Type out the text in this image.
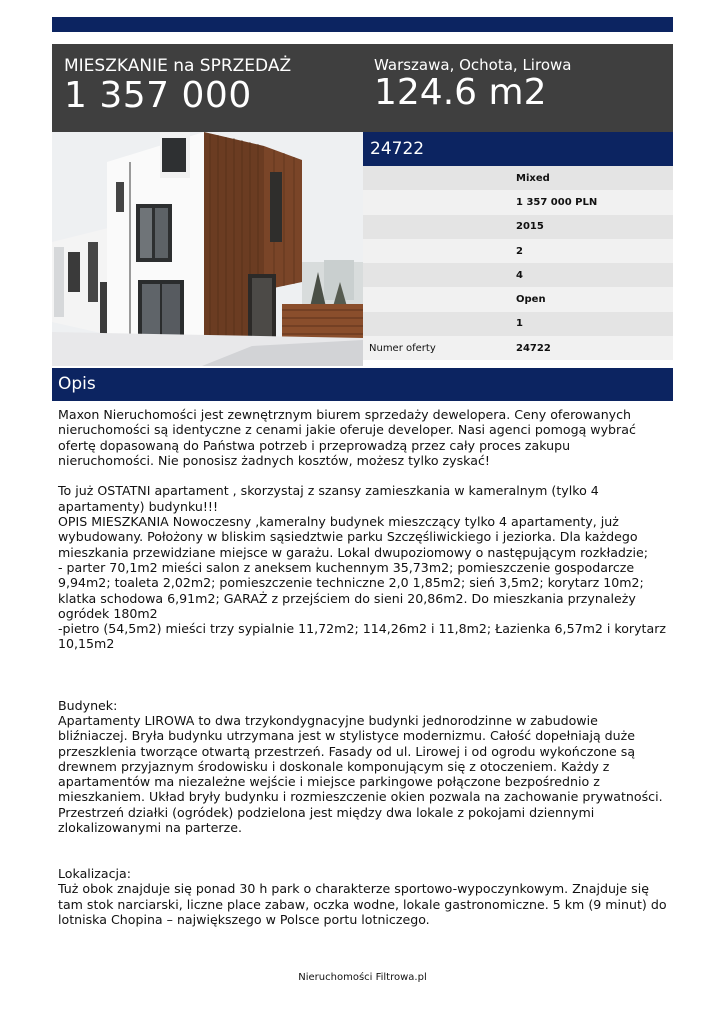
MIESZKANIE na SPRZEDAŻ
1 357 000
Warszawa, Ochota, Lirowa
124.6 m2
24722
Mixed
1 357 000 PLN
2015
2
4
Open
1
Numer oferty	24722
Opis
Maxon Nieruchomości jest zewnętrznym biurem sprzedaży dewelopera. Ceny oferowanych nieruchomości są identyczne z cenami jakie oferuje developer. Nasi agenci pomogą wybrać ofertę dopasowaną do Państwa potrzeb i przeprowadzą przez cały proces zakupu nieruchomości. Nie ponosisz żadnych kosztów, możesz tylko zyskać!

To już OSTATNI apartament , skorzystaj z szansy zamieszkania w kameralnym (tylko 4 apartamenty) budynku!!!
OPIS MIESZKANIA Nowoczesny ,kameralny budynek mieszczący tylko 4 apartamenty, już wybudowany. Położony w bliskim sąsiedztwie parku Szczęśliwickiego i jeziorka. Dla każdego mieszkania przewidziane miejsce w garażu. Lokal dwupoziomowy o następującym rozkładzie;
- parter 70,1m2 mieści salon z aneksem kuchennym 35,73m2; pomieszczenie gospodarcze 9,94m2; toaleta 2,02m2; pomieszczenie techniczne 2,0 1,85m2; sień 3,5m2; korytarz 10m2; klatka schodowa 6,91m2; GARAŻ z przejściem do sieni 20,86m2. Do mieszkania przynależy ogródek 180m2
-pietro (54,5m2) mieści trzy sypialnie 11,72m2; 114,26m2 i 11,8m2; Łazienka 6,57m2 i korytarz 10,15m2

Budynek:
Apartamenty LIROWA to dwa trzykondygnacyjne budynki jednorodzinne w zabudowie bliźniaczej. Bryła budynku utrzymana jest w stylistyce modernizmu. Całość dopełniają duże przeszklenia tworzące otwartą przestrzeń. Fasady od ul. Lirowej i od ogrodu wykończone są drewnem przyjaznym środowisku i doskonale komponującym się z otoczeniem. Każdy z apartamentów ma niezależne wejście i miejsce parkingowe połączone bezpośrednio z mieszkaniem. Układ bryły budynku i rozmieszczenie okien pozwala na zachowanie prywatności. Przestrzeń działki (ogródek) podzielona jest między dwa lokale z pokojami dziennymi zlokalizowanymi na parterze.

Lokalizacja:
Tuż obok znajduje się ponad 30 h park o charakterze sportowo-wypoczynkowym. Znajduje się tam stok narciarski, liczne place zabaw, oczka wodne, lokale gastronomiczne. 5 km (9 minut) do lotniska Chopina – największego w Polsce portu lotniczego.
Nieruchomości Filtrowa.pl
